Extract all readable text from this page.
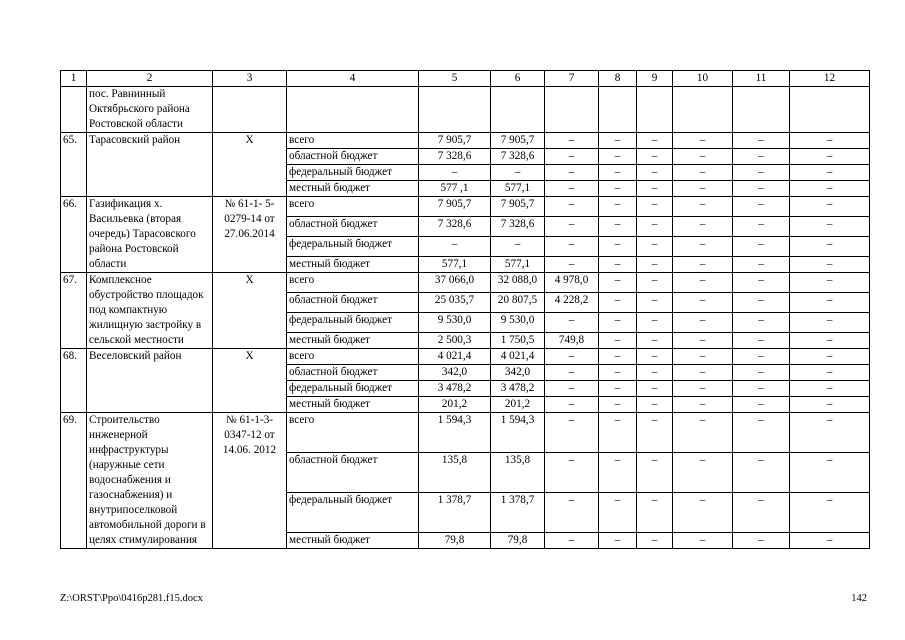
1	2	3	4	5	6	7	8	9	10	11	12
	пос. Равнинный Октябрьского района Ростовской области										
65.	Тарасовский район	Х	всего	7 905,7	7 905,7	–	–	–	–	–	–
			областной бюджет	7 328,6	7 328,6	–	–	–	–	–	–
			федеральный бюджет	–	–	–	–	–	–	–	–
			местный бюджет	577 ,1	577,1	–	–	–	–	–	–
66.	Газификация х. Васильевка (вторая очередь) Тарасовского района Ростовской области	№ 61-1- 5-0279-14 от 27.06.2014	всего	7 905,7	7 905,7	–	–	–	–	–	–
			областной бюджет	7 328,6	7 328,6	–	–	–	–	–	–
			федеральный бюджет	–	–	–	–	–	–	–	–
			местный бюджет	577,1	577,1	–	–	–	–	–	–
67.	Комплексное обустройство площадок под компактную жилищную застройку в сельской местности	Х	всего	37 066,0	32 088,0	4 978,0	–	–	–	–	–
			областной бюджет	25 035,7	20 807,5	4 228,2	–	–	–	–	–
			федеральный бюджет	9 530,0	9 530,0	–	–	–	–	–	–
			местный бюджет	2 500,3	1 750,5	749,8	–	–	–	–	–
68.	Веселовский район	Х	всего	4 021,4	4 021,4	–	–	–	–	–	–
			областной бюджет	342,0	342,0	–	–	–	–	–	–
			федеральный бюджет	3 478,2	3 478,2	–	–	–	–	–	–
			местный бюджет	201,2	201,2	–	–	–	–	–	–
69.	Строительство инженерной инфраструктуры (наружные сети водоснабжения и газоснабжения) и внутрипоселковой автомобильной дороги в целях стимулирования	№ 61-1-3-0347-12 от 14.06. 2012	всего	1 594,3	1 594,3	–	–	–	–	–	–
			областной бюджет	135,8	135,8	–	–	–	–	–	–
			федеральный бюджет	1 378,7	1 378,7	–	–	–	–	–	–
			местный бюджет	79,8	79,8	–	–	–	–	–	–
Z:\ORST\Ppo\0416p281.f15.docx	142
